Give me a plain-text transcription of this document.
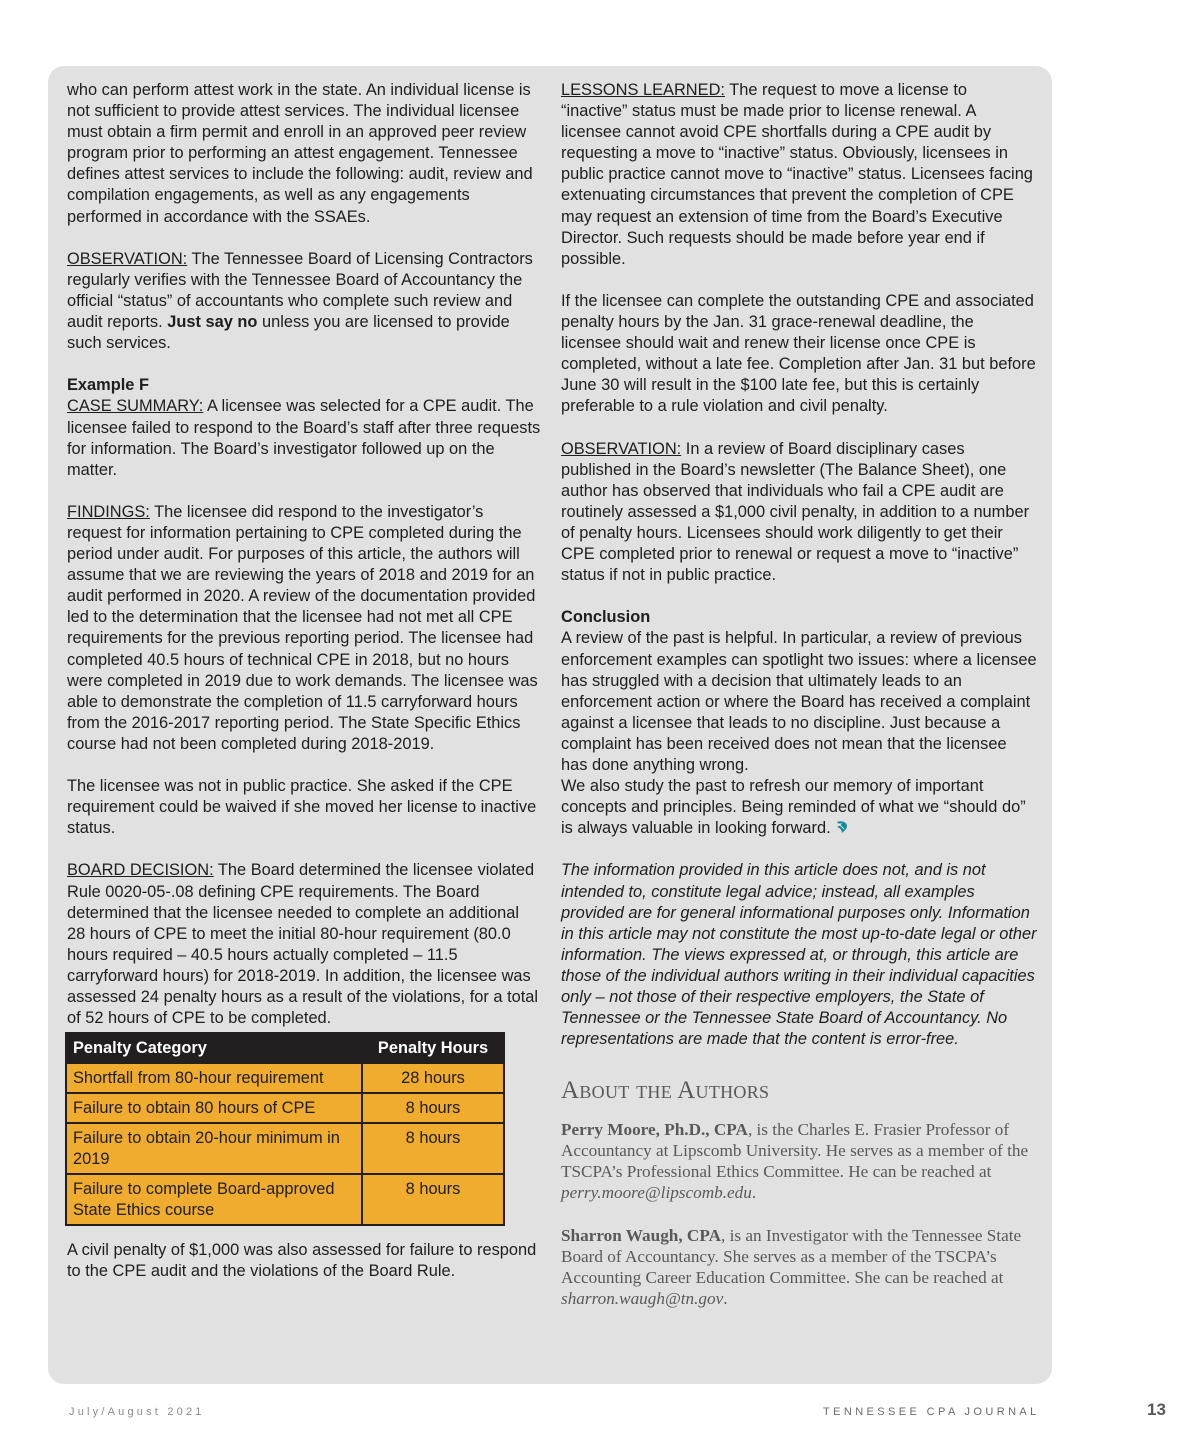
who can perform attest work in the state. An individual license is not sufficient to provide attest services. The individual licensee must obtain a firm permit and enroll in an approved peer review program prior to performing an attest engagement. Tennessee defines attest services to include the following: audit, review and compilation engagements, as well as any engagements performed in accordance with the SSAEs.

OBSERVATION: The Tennessee Board of Licensing Contractors regularly verifies with the Tennessee Board of Accountancy the official “status” of accountants who complete such review and audit reports. Just say no unless you are licensed to provide such services.

Example F

CASE SUMMARY: A licensee was selected for a CPE audit. The licensee failed to respond to the Board’s staff after three requests for information. The Board’s investigator followed up on the matter.

FINDINGS: The licensee did respond to the investigator’s request for information pertaining to CPE completed during the period under audit. For purposes of this article, the authors will assume that we are reviewing the years of 2018 and 2019 for an audit performed in 2020. A review of the documentation provided led to the determination that the licensee had not met all CPE requirements for the previous reporting period. The licensee had completed 40.5 hours of technical CPE in 2018, but no hours were completed in 2019 due to work demands. The licensee was able to demonstrate the completion of 11.5 carryforward hours from the 2016-2017 reporting period. The State Specific Ethics course had not been completed during 2018-2019.

The licensee was not in public practice. She asked if the CPE requirement could be waived if she moved her license to inactive status.

BOARD DECISION: The Board determined the licensee violated Rule 0020-05-.08 defining CPE requirements. The Board determined that the licensee needed to complete an additional 28 hours of CPE to meet the initial 80-hour requirement (80.0 hours required – 40.5 hours actually completed – 11.5 carryforward hours) for 2018-2019. In addition, the licensee was assessed 24 penalty hours as a result of the violations, for a total of 52 hours of CPE to be completed.

Penalty Category	Penalty Hours
Shortfall from 80-hour requirement	28 hours
Failure to obtain 80 hours of CPE	8 hours
Failure to obtain 20-hour minimum in 2019	8 hours
Failure to complete Board-approved State Ethics course	8 hours

A civil penalty of $1,000 was also assessed for failure to respond to the CPE audit and the violations of the Board Rule.

LESSONS LEARNED: The request to move a license to “inactive” status must be made prior to license renewal. A licensee cannot avoid CPE shortfalls during a CPE audit by requesting a move to “inactive” status. Obviously, licensees in public practice cannot move to “inactive” status. Licensees facing extenuating circumstances that prevent the completion of CPE may request an extension of time from the Board’s Executive Director. Such requests should be made before year end if possible.

If the licensee can complete the outstanding CPE and associated penalty hours by the Jan. 31 grace-renewal deadline, the licensee should wait and renew their license once CPE is completed, without a late fee. Completion after Jan. 31 but before June 30 will result in the $100 late fee, but this is certainly preferable to a rule violation and civil penalty.

OBSERVATION: In a review of Board disciplinary cases published in the Board’s newsletter (The Balance Sheet), one author has observed that individuals who fail a CPE audit are routinely assessed a $1,000 civil penalty, in addition to a number of penalty hours. Licensees should work diligently to get their CPE completed prior to renewal or request a move to “inactive” status if not in public practice.

Conclusion

A review of the past is helpful. In particular, a review of previous enforcement examples can spotlight two issues: where a licensee has struggled with a decision that ultimately leads to an enforcement action or where the Board has received a complaint against a licensee that leads to no discipline. Just because a complaint has been received does not mean that the licensee has done anything wrong.

We also study the past to refresh our memory of important concepts and principles. Being reminded of what we “should do” is always valuable in looking forward.

The information provided in this article does not, and is not intended to, constitute legal advice; instead, all examples provided are for general informational purposes only. Information in this article may not constitute the most up-to-date legal or other information. The views expressed at, or through, this article are those of the individual authors writing in their individual capacities only – not those of their respective employers, the State of Tennessee or the Tennessee State Board of Accountancy. No representations are made that the content is error-free.

About the Authors

Perry Moore, Ph.D., CPA, is the Charles E. Frasier Professor of Accountancy at Lipscomb University. He serves as a member of the TSCPA’s Professional Ethics Committee. He can be reached at perry.moore@lipscomb.edu.

Sharron Waugh, CPA, is an Investigator with the Tennessee State Board of Accountancy. She serves as a member of the TSCPA’s Accounting Career Education Committee. She can be reached at sharron.waugh@tn.gov.

July/August 2021	TENNESSEE CPA JOURNAL	13
